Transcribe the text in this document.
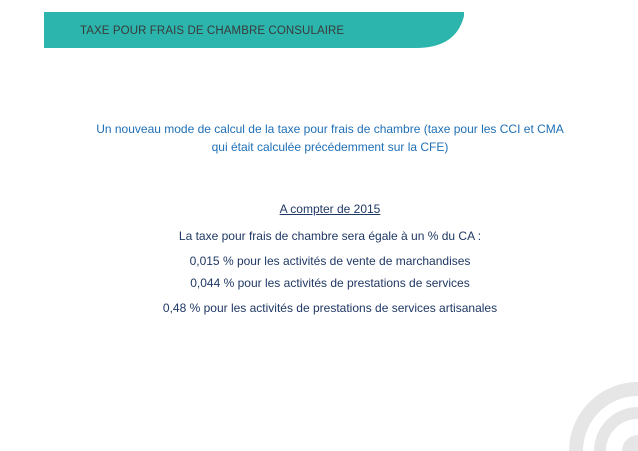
TAXE POUR FRAIS DE CHAMBRE CONSULAIRE
Un nouveau mode de calcul de la taxe pour frais de chambre (taxe pour les CCI et CMA qui était calculée précédemment sur la CFE)
A compter de 2015
La taxe pour frais de chambre sera égale à un % du CA :
0,015 % pour les activités de vente de marchandises
0,044 % pour les activités de prestations de services
0,48 % pour les activités de prestations de services artisanales
